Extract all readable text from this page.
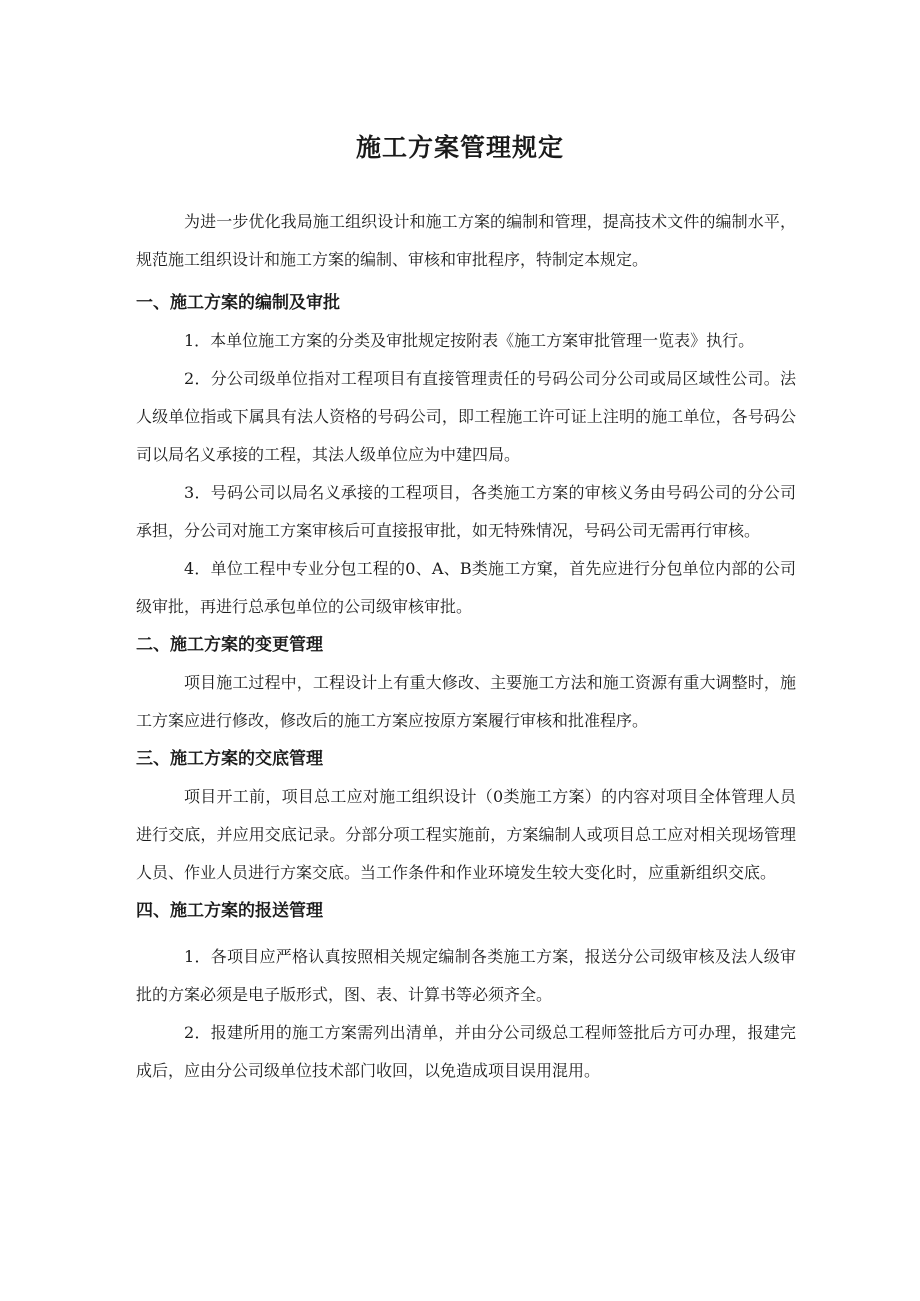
施工方案管理规定

为进一步优化我局施工组织设计和施工方案的编制和管理，提高技术文件的编制水平，规范施工组织设计和施工方案的编制、审核和审批程序，特制定本规定。

一、施工方案的编制及审批

1．本单位施工方案的分类及审批规定按附表《施工方案审批管理一览表》执行。

2．分公司级单位指对工程项目有直接管理责任的号码公司分公司或局区域性公司。法人级单位指或下属具有法人资格的号码公司，即工程施工许可证上注明的施工单位，各号码公司以局名义承接的工程，其法人级单位应为中建四局。

3．号码公司以局名义承接的工程项目，各类施工方案的审核义务由号码公司的分公司承担，分公司对施工方案审核后可直接报审批，如无特殊情况，号码公司无需再行审核。

4．单位工程中专业分包工程的0、A、B类施工方窠，首先应进行分包单位内部的公司级审批，再进行总承包单位的公司级审核审批。

二、施工方案的变更管理

项目施工过程中，工程设计上有重大修改、主要施工方法和施工资源有重大调整时，施工方案应进行修改，修改后的施工方案应按原方案履行审核和批准程序。

三、施工方案的交底管理

项目开工前，项目总工应对施工组织设计（0类施工方案）的内容对项目全体管理人员进行交底，并应用交底记录。分部分项工程实施前，方案编制人或项目总工应对相关现场管理人员、作业人员进行方案交底。当工作条件和作业环境发生较大变化时，应重新组织交底。

四、施工方案的报送管理

1．各项目应严格认真按照相关规定编制各类施工方案，报送分公司级审核及法人级审批的方案必须是电子版形式，图、表、计算书等必须齐全。

2．报建所用的施工方案需列出清单，并由分公司级总工程师签批后方可办理，报建完成后，应由分公司级单位技术部门收回，以免造成项目误用混用。
